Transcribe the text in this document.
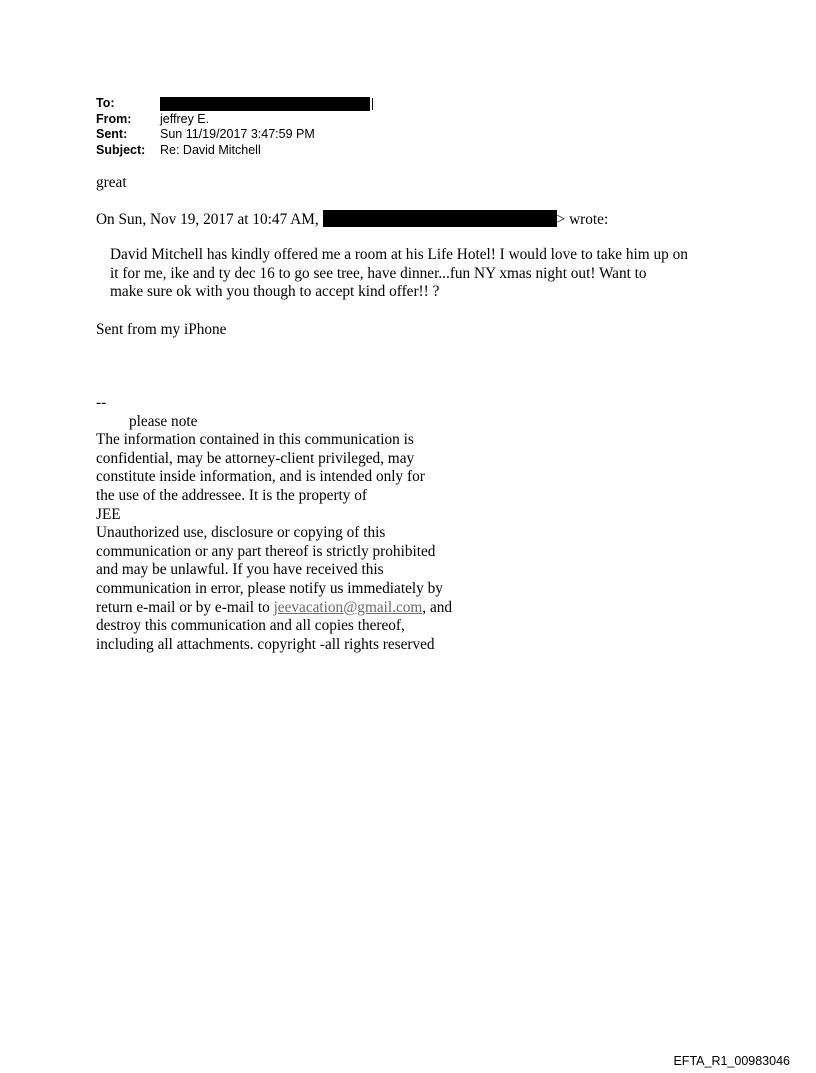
To:
From:	jeffrey E.
Sent:	Sun 11/19/2017 3:47:59 PM
Subject:	Re: David Mitchell
great
On Sun, Nov 19, 2017 at 10:47 AM,	> wrote:
David Mitchell has kindly offered me a room at his Life Hotel! I would love to take him up on
it for me, ike and ty dec 16 to go see tree, have dinner...fun NY xmas night out! Want to
make sure ok with you though to accept kind offer!! ?
Sent from my iPhone
--
please note
The information contained in this communication is
confidential, may be attorney-client privileged, may
constitute inside information, and is intended only for
the use of the addressee. It is the property of
JEE
Unauthorized use, disclosure or copying of this
communication or any part thereof is strictly prohibited
and may be unlawful. If you have received this
communication in error, please notify us immediately by
return e-mail or by e-mail to jeevacation@gmail.com, and
destroy this communication and all copies thereof,
including all attachments. copyright -all rights reserved
EFTA_R1_00983046
